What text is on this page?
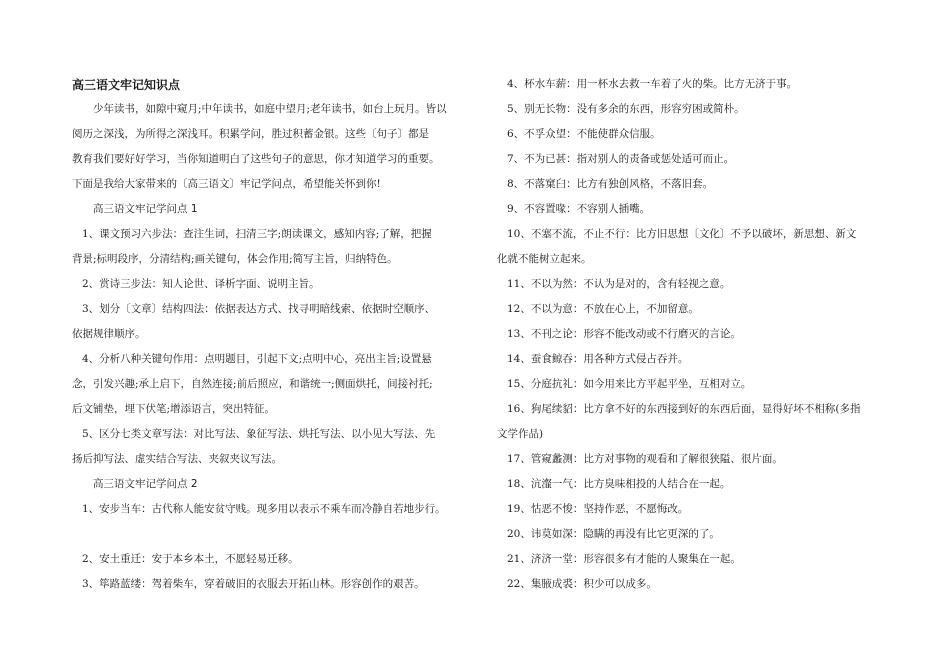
高三语文牢记知识点
少年读书，如隙中窥月;中年读书，如庭中望月;老年读书，如台上玩月。皆以
阅历之深浅，为所得之深浅耳。积累学问，胜过积蓄金银。这些〔句子〕都是
教育我们要好好学习，当你知道明白了这些句子的意思，你才知道学习的重要。
下面是我给大家带来的〔高三语文〕牢记学问点，希望能关怀到你!
高三语文牢记学问点 1
1、课文预习六步法：查注生词，扫清三字;朗读课文，感知内容;了解，把握
背景;标明段序，分清结构;画关键句，体会作用;简写主旨，归纳特色。
2、赏诗三步法：知人论世、译析字面、说明主旨。
3、划分〔文章〕结构四法：依据表达方式、找寻明暗线索、依据时空顺序、
依据规律顺序。
4、分析八种关键句作用：点明题目，引起下文;点明中心，亮出主旨;设置悬
念，引发兴趣;承上启下，自然连接;前后照应，和谐统一;侧面烘托，间接衬托;
后文铺垫，埋下伏笔;增添语言，突出特征。
5、区分七类文章写法：对比写法、象征写法、烘托写法、以小见大写法、先
扬后抑写法、虚实结合写法、夹叙夹议写法。
高三语文牢记学问点 2
1、安步当车：古代称人能安贫守贱。现多用以表示不乘车而冷静自若地步行。
2、安土重迁：安于本乡本土，不愿轻易迁移。
3、筚路蓝缕：驾着柴车，穿着破旧的衣服去开拓山林。形容创作的艰苦。
4、杯水车薪：用一杯水去救一车着了火的柴。比方无济于事。
5、别无长物：没有多余的东西，形容穷困或简朴。
6、不孚众望：不能使群众信服。
7、不为已甚：指对别人的责备或惩处适可而止。
8、不落窠臼：比方有独创风格，不落旧套。
9、不容置喙：不容别人插嘴。
10、不塞不流，不止不行：比方旧思想〔文化〕不予以破坏，新思想、新文
化就不能树立起来。
11、不以为然：不认为是对的，含有轻视之意。
12、不以为意：不放在心上，不加留意。
13、不刊之论：形容不能改动或不行磨灭的言论。
14、蚕食鲸吞：用各种方式侵占吞并。
15、分庭抗礼：如今用来比方平起平坐，互相对立。
16、狗尾续貂：比方拿不好的东西接到好的东西后面，显得好坏不相称(多指
文学作品)
17、管窥蠡测：比方对事物的观看和了解很狭隘、很片面。
18、沆瀣一气：比方臭味相投的人结合在一起。
19、怙恶不悛：坚持作恶，不愿悔改。
20、讳莫如深：隐瞒的再没有比它更深的了。
21、济济一堂：形容很多有才能的人聚集在一起。
22、集腋成裘：积少可以成多。
